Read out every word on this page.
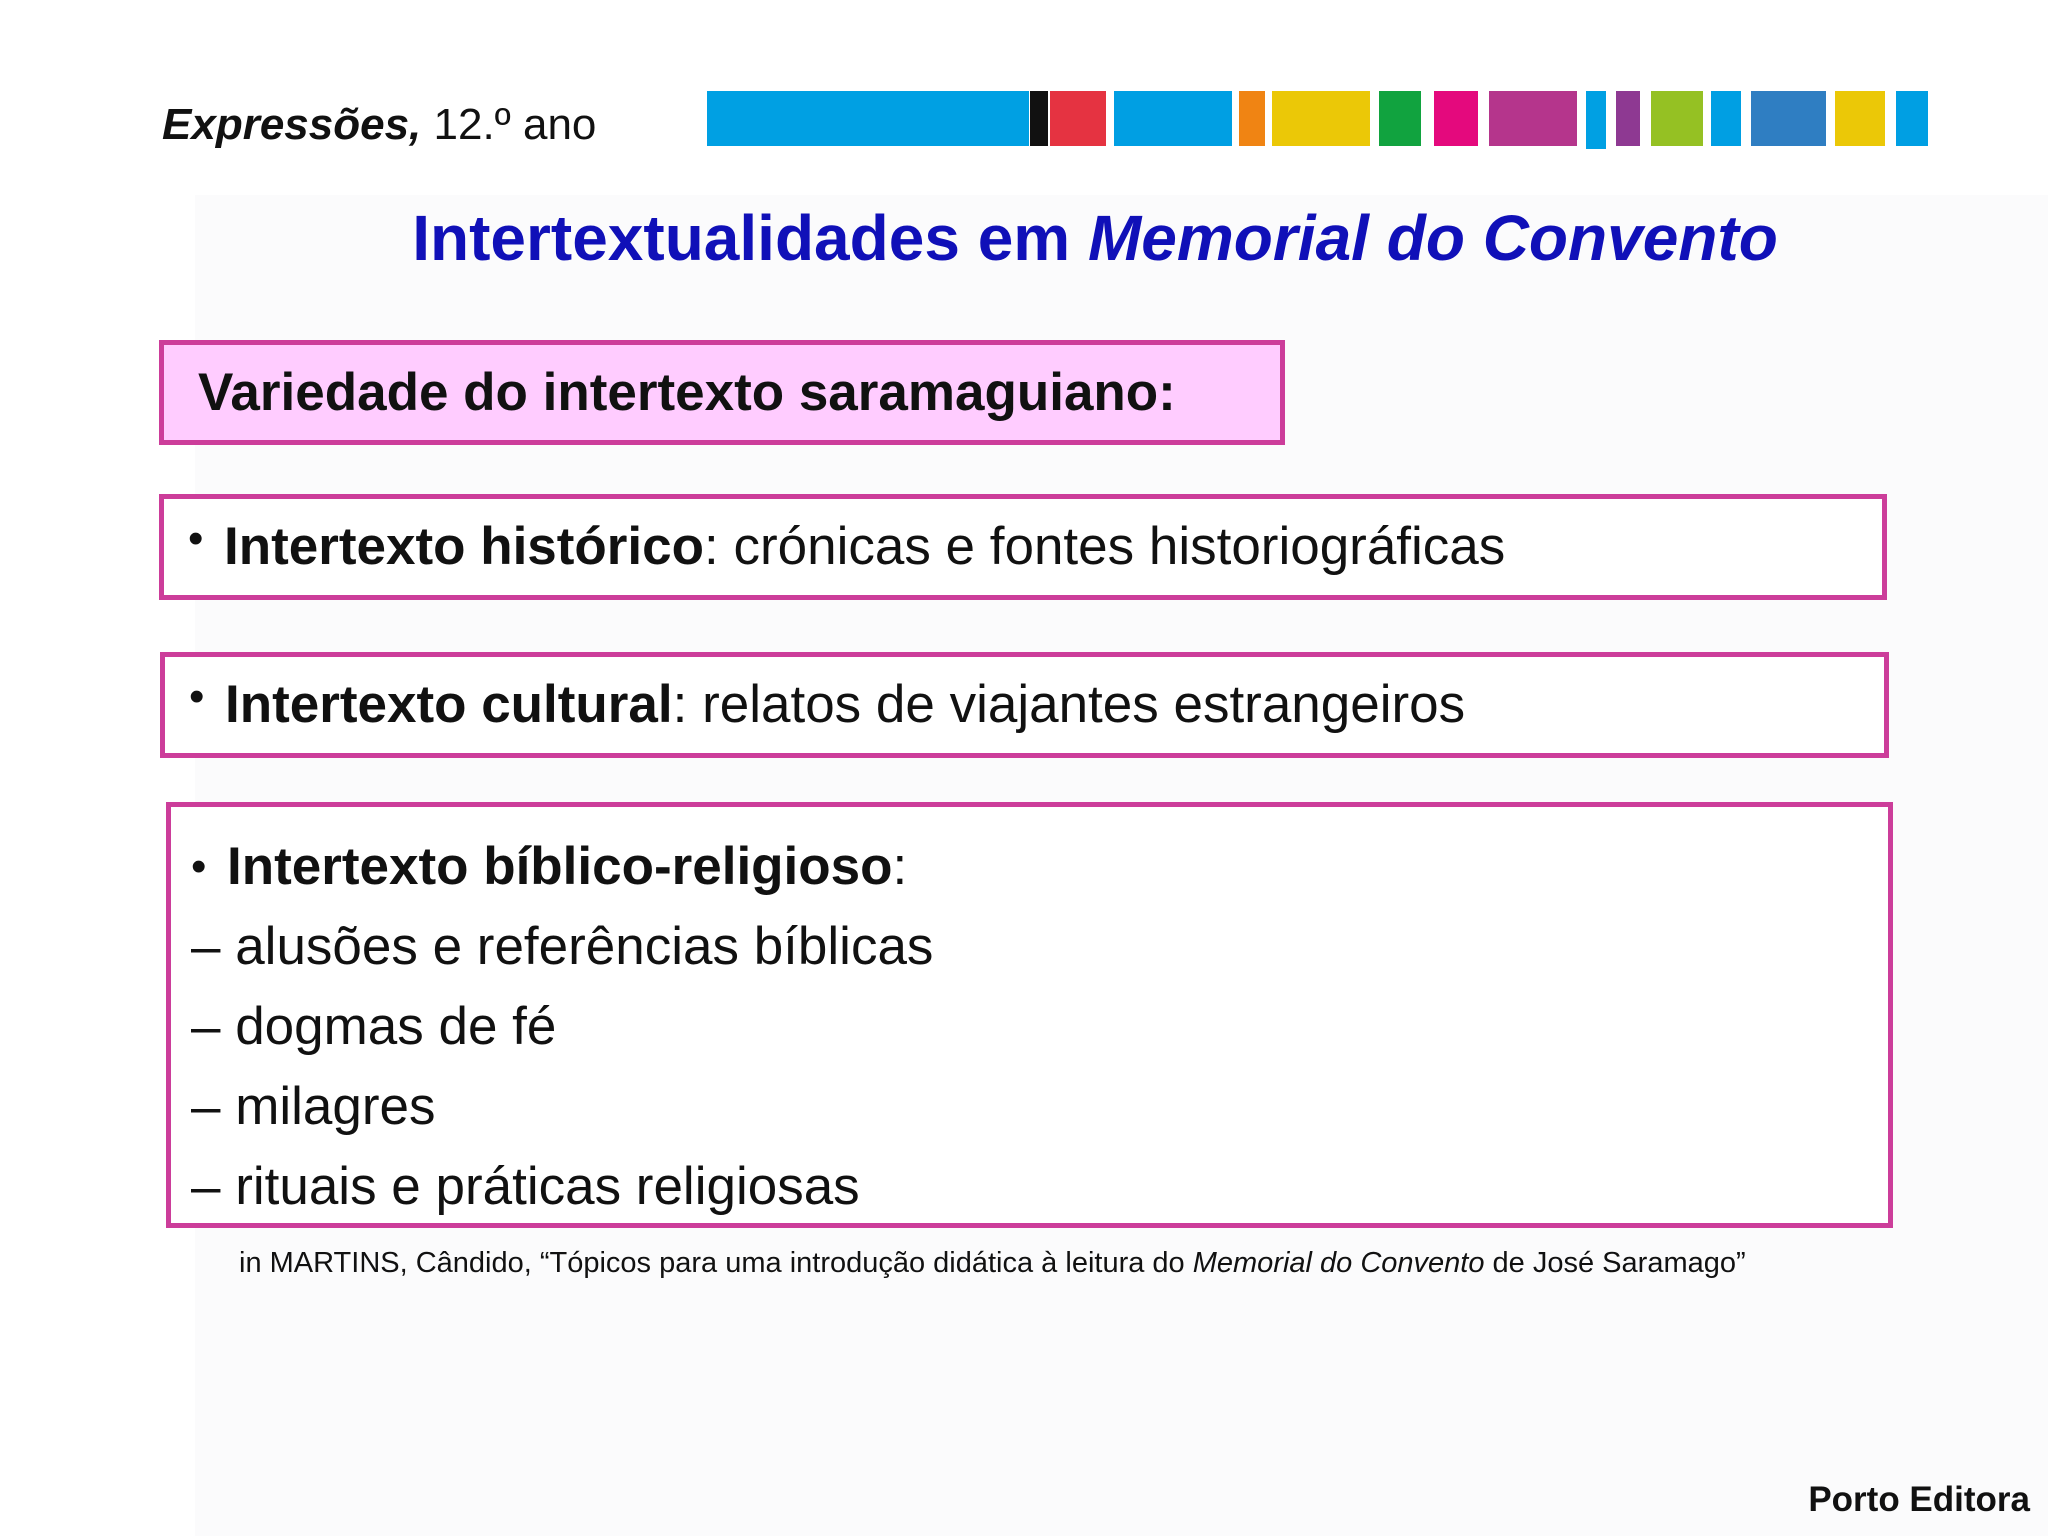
Expressões, 12.º ano
Intertextualidades em Memorial do Convento
Variedade do intertexto saramaguiano:
• Intertexto histórico: crónicas e fontes historiográficas
• Intertexto cultural: relatos de viajantes estrangeiros
• Intertexto bíblico-religioso:
– alusões e referências bíblicas
– dogmas de fé
– milagres
– rituais e práticas religiosas
in MARTINS, Cândido, “Tópicos para uma introdução didática à leitura do Memorial do Convento de José Saramago”
Porto Editora
